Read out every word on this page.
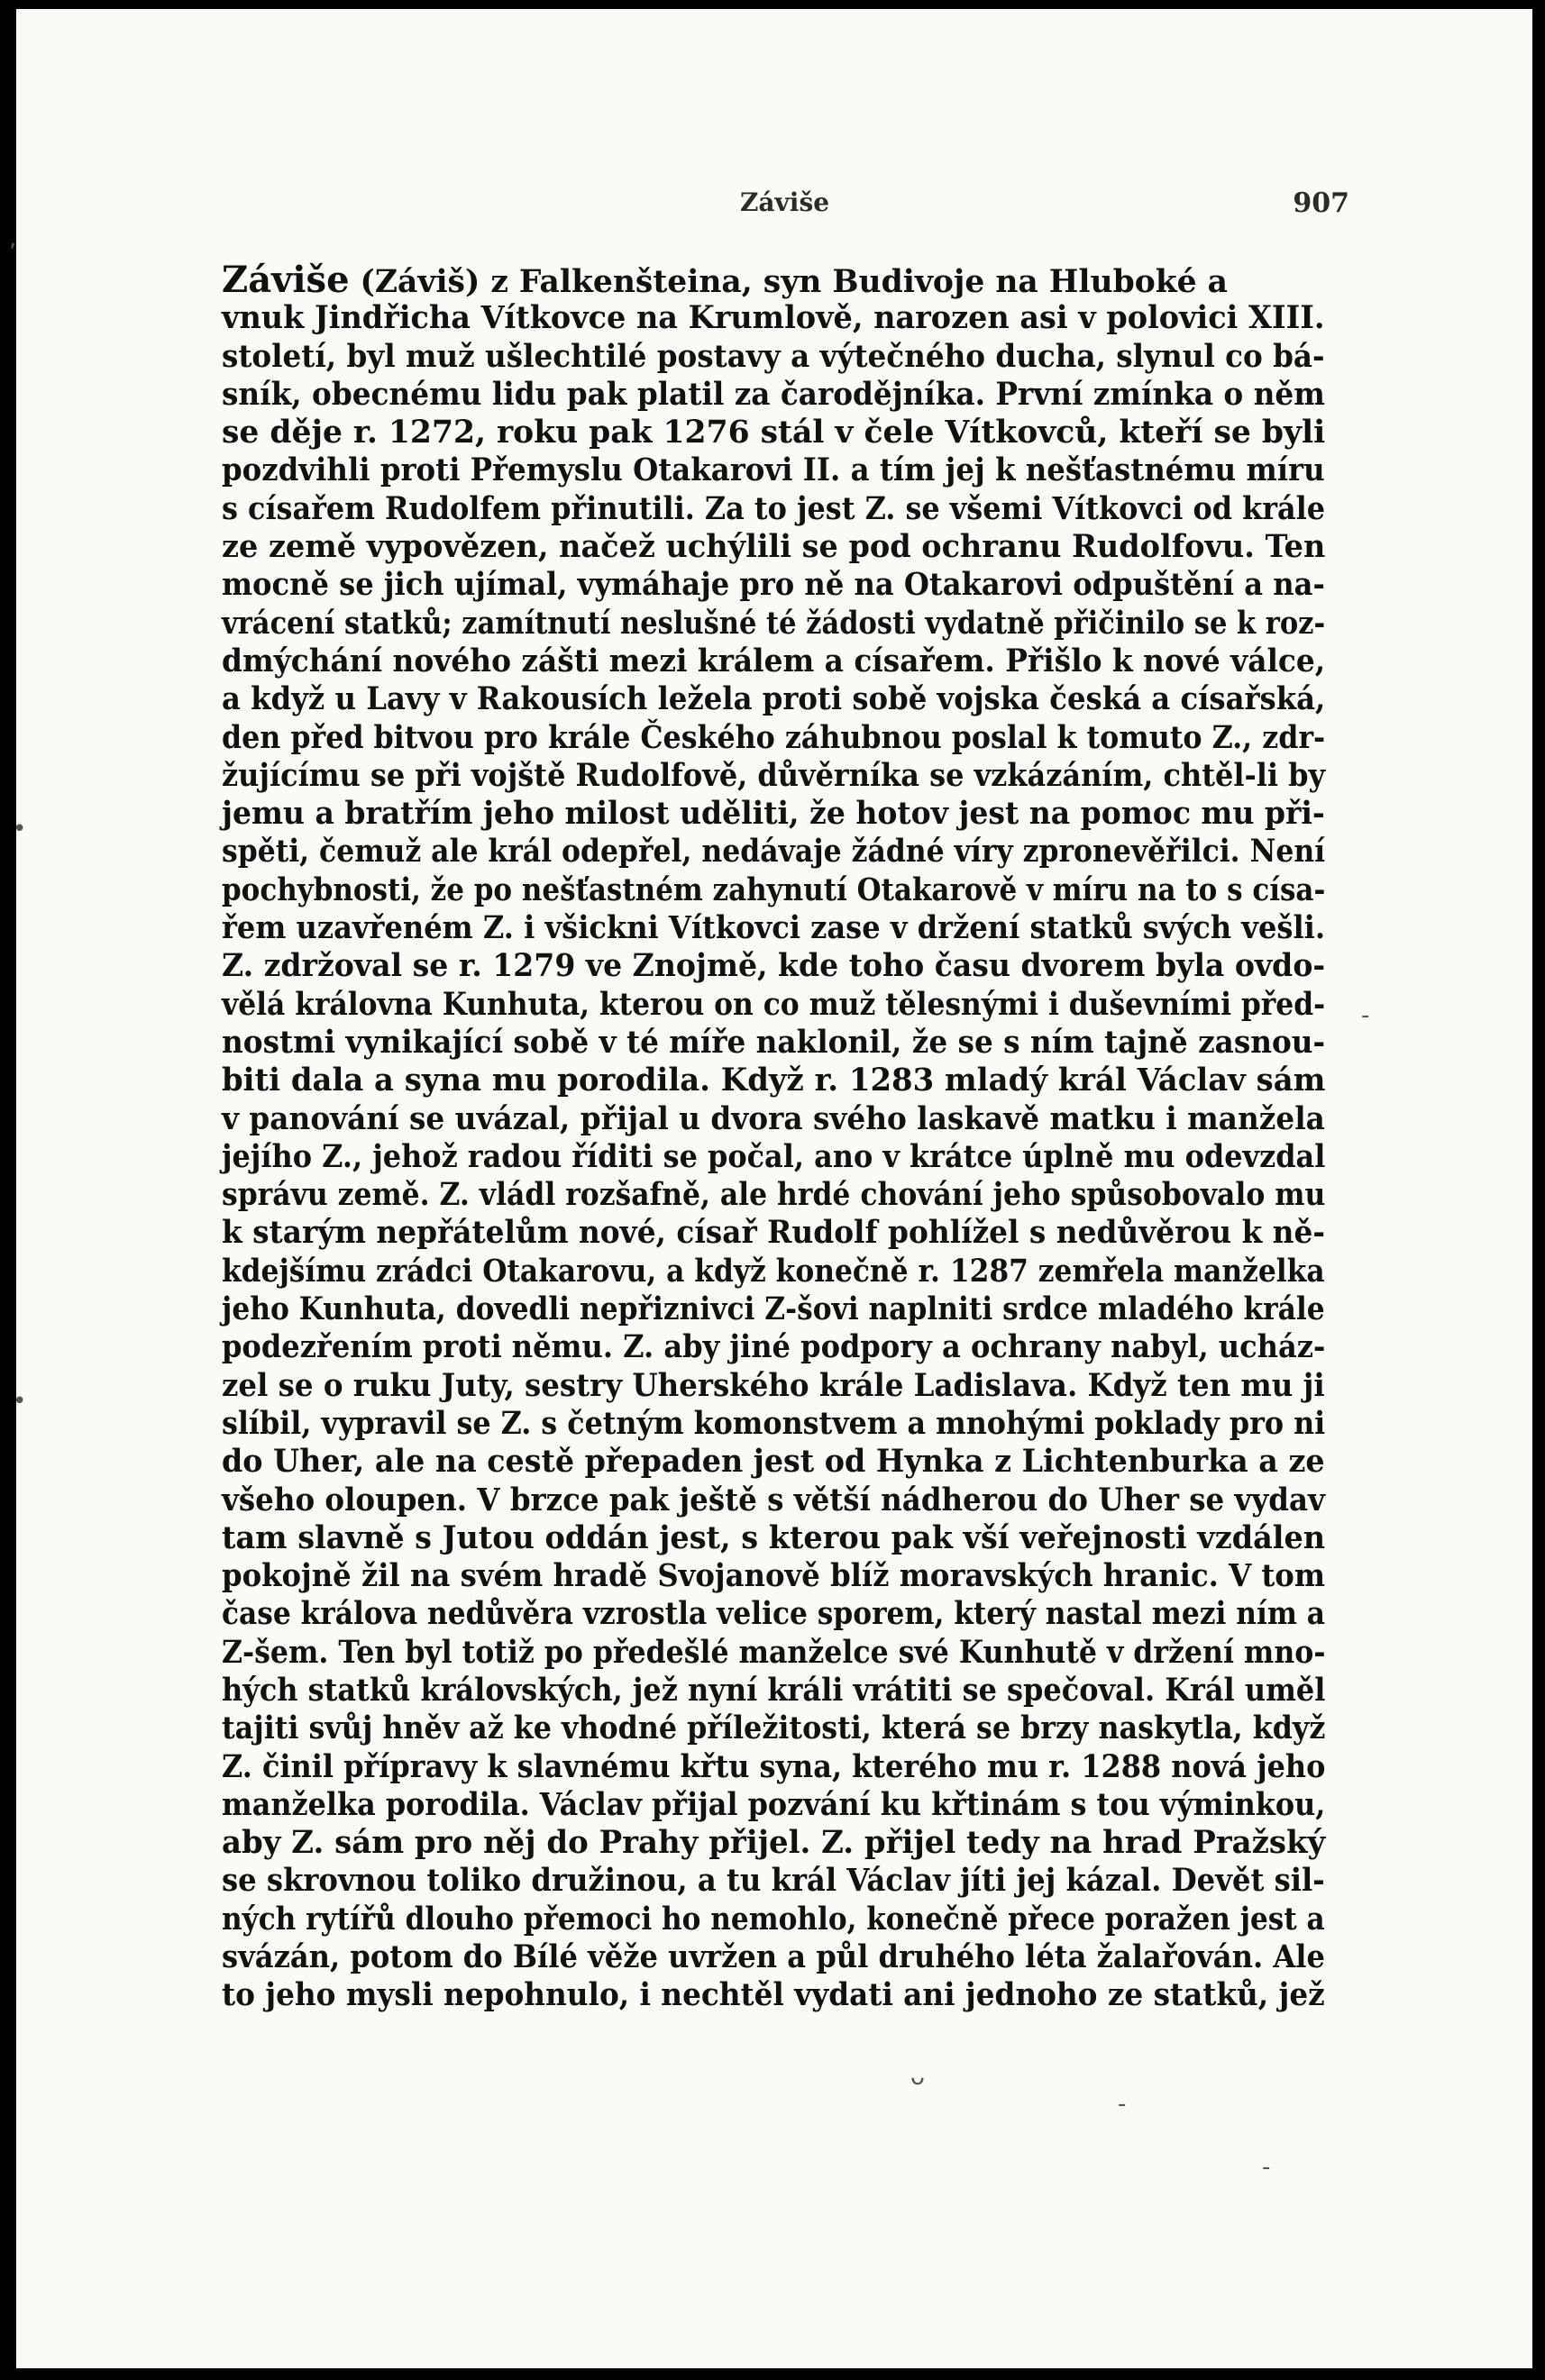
Záviše	907
Záviše (Záviš) z Falkenšteina, syn Budivoje na Hluboké a
vnuk Jindřicha Vítkovce na Krumlově, narozen asi v polovici XIII.
století, byl muž ušlechtilé postavy a výtečného ducha, slynul co bá-
sník, obecnému lidu pak platil za čarodějníka. První zmínka o něm
se děje r. 1272, roku pak 1276 stál v čele Vítkovců, kteří se byli
pozdvihli proti Přemyslu Otakarovi II. a tím jej k nešťastnému míru
s císařem Rudolfem přinutili. Za to jest Z. se všemi Vítkovci od krále
ze země vypovězen, načež uchýlili se pod ochranu Rudolfovu. Ten
mocně se jich ujímal, vymáhaje pro ně na Otakarovi odpuštění a na-
vrácení statků; zamítnutí neslušné té žádosti vydatně přičinilo se k roz-
dmýchání nového zášti mezi králem a císařem. Přišlo k nové válce,
a když u Lavy v Rakousích ležela proti sobě vojska česká a císařská,
den před bitvou pro krále Českého záhubnou poslal k tomuto Z., zdr-
žujícímu se při vojště Rudolfově, důvěrníka se vzkázáním, chtěl-li by
jemu a bratřím jeho milost uděliti, že hotov jest na pomoc mu při-
spěti, čemuž ale král odepřel, nedávaje žádné víry zpronevěřilci. Není
pochybnosti, že po nešťastném zahynutí Otakarově v míru na to s císa-
řem uzavřeném Z. i všickni Vítkovci zase v držení statků svých vešli.
Z. zdržoval se r. 1279 ve Znojmě, kde toho času dvorem byla ovdo-
vělá královna Kunhuta, kterou on co muž tělesnými i duševními před-
nostmi vynikající sobě v té míře naklonil, že se s ním tajně zasnou-
biti dala a syna mu porodila. Když r. 1283 mladý král Václav sám
v panování se uvázal, přijal u dvora svého laskavě matku i manžela
jejího Z., jehož radou říditi se počal, ano v krátce úplně mu odevzdal
správu země. Z. vládl rozšafně, ale hrdé chování jeho spůsobovalo mu
k starým nepřátelům nové, císař Rudolf pohlížel s nedůvěrou k ně-
kdejšímu zrádci Otakarovu, a když konečně r. 1287 zemřela manželka
jeho Kunhuta, dovedli nepřiznivci Z-šovi naplniti srdce mladého krále
podezřením proti němu. Z. aby jiné podpory a ochrany nabyl, ucház-
zel se o ruku Juty, sestry Uherského krále Ladislava. Když ten mu ji
slíbil, vypravil se Z. s četným komonstvem a mnohými poklady pro ni
do Uher, ale na cestě přepaden jest od Hynka z Lichtenburka a ze
všeho oloupen. V brzce pak ještě s větší nádherou do Uher se vydav
tam slavně s Jutou oddán jest, s kterou pak vší veřejnosti vzdálen
pokojně žil na svém hradě Svojanově blíž moravských hranic. V tom
čase králova nedůvěra vzrostla velice sporem, který nastal mezi ním a
Z-šem. Ten byl totiž po předešlé manželce své Kunhutě v držení mno-
hých statků královských, jež nyní králi vrátiti se spečoval. Král uměl
tajiti svůj hněv až ke vhodné příležitosti, která se brzy naskytla, když
Z. činil přípravy k slavnému křtu syna, kterého mu r. 1288 nová jeho
manželka porodila. Václav přijal pozvání ku křtinám s tou výminkou,
aby Z. sám pro něj do Prahy přijel. Z. přijel tedy na hrad Pražský
se skrovnou toliko družinou, a tu král Václav jíti jej kázal. Devět sil-
ných rytířů dlouho přemoci ho nemohlo, konečně přece poražen jest a
svázán, potom do Bílé věže uvržen a půl druhého léta žalařován. Ale
to jeho mysli nepohnulo, i nechtěl vydati ani jednoho ze statků, jež
,
•
•
-
ᴗ
-
-
